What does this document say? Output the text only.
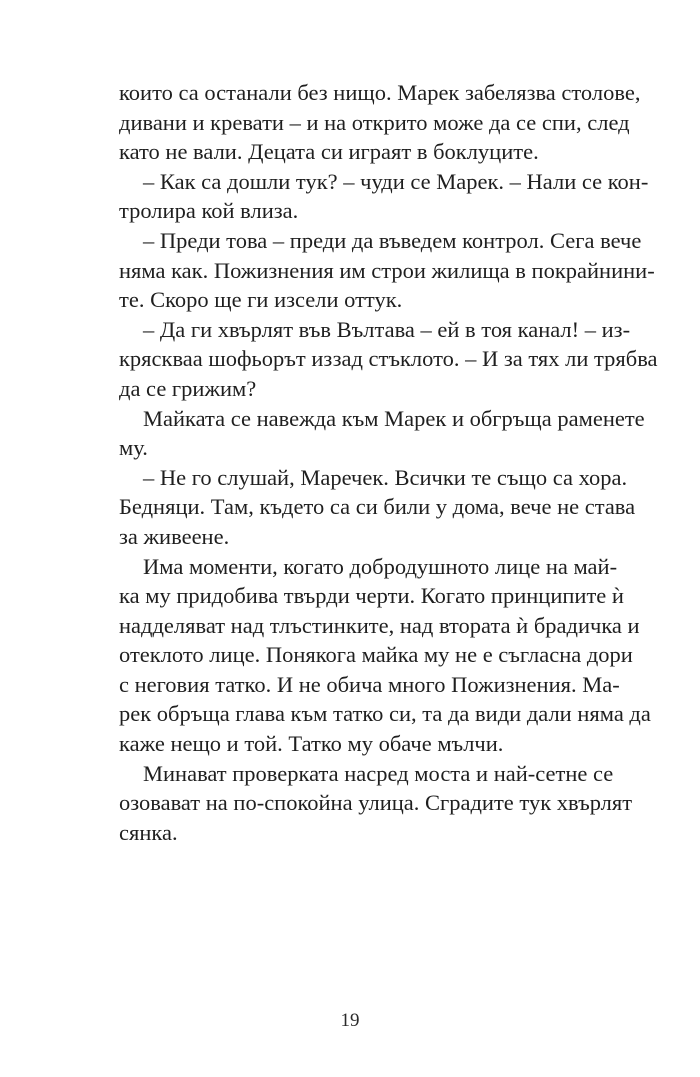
които са останали без нищо. Марек забелязва столове,
дивани и кревати – и на открито може да се спи, след
като не вали. Децата си играят в боклуците.
– Как са дошли тук? – чуди се Марек. – Нали се кон-
тролира кой влиза.
– Преди това – преди да въведем контрол. Сега вече
няма как. Пожизнения им строи жилища в покрайнини-
те. Скоро ще ги изсели оттук.
– Да ги хвърлят във Вълтава – ей в тоя канал! – из-
кряскваа шофьорът иззад стъклото. – И за тях ли трябва
да се грижим?
Майката се навежда към Марек и обгръща раменете
му.
– Не го слушай, Маречек. Всички те също са хора.
Бедняци. Там, където са си били у дома, вече не става
за живеене.
Има моменти, когато добродушното лице на май-
ка му придобива твърди черти. Когато принципите ѝ
надделяват над тлъстинките, над втората ѝ брадичка и
отеклото лице. Понякога майка му не е съгласна дори
с неговия татко. И не обича много Пожизнения. Ма-
рек обръща глава към татко си, та да види дали няма да
каже нещо и той. Татко му обаче мълчи.
Минават проверката насред моста и най-сетне се
озовават на по-спокойна улица. Сградите тук хвърлят
сянка.
19
